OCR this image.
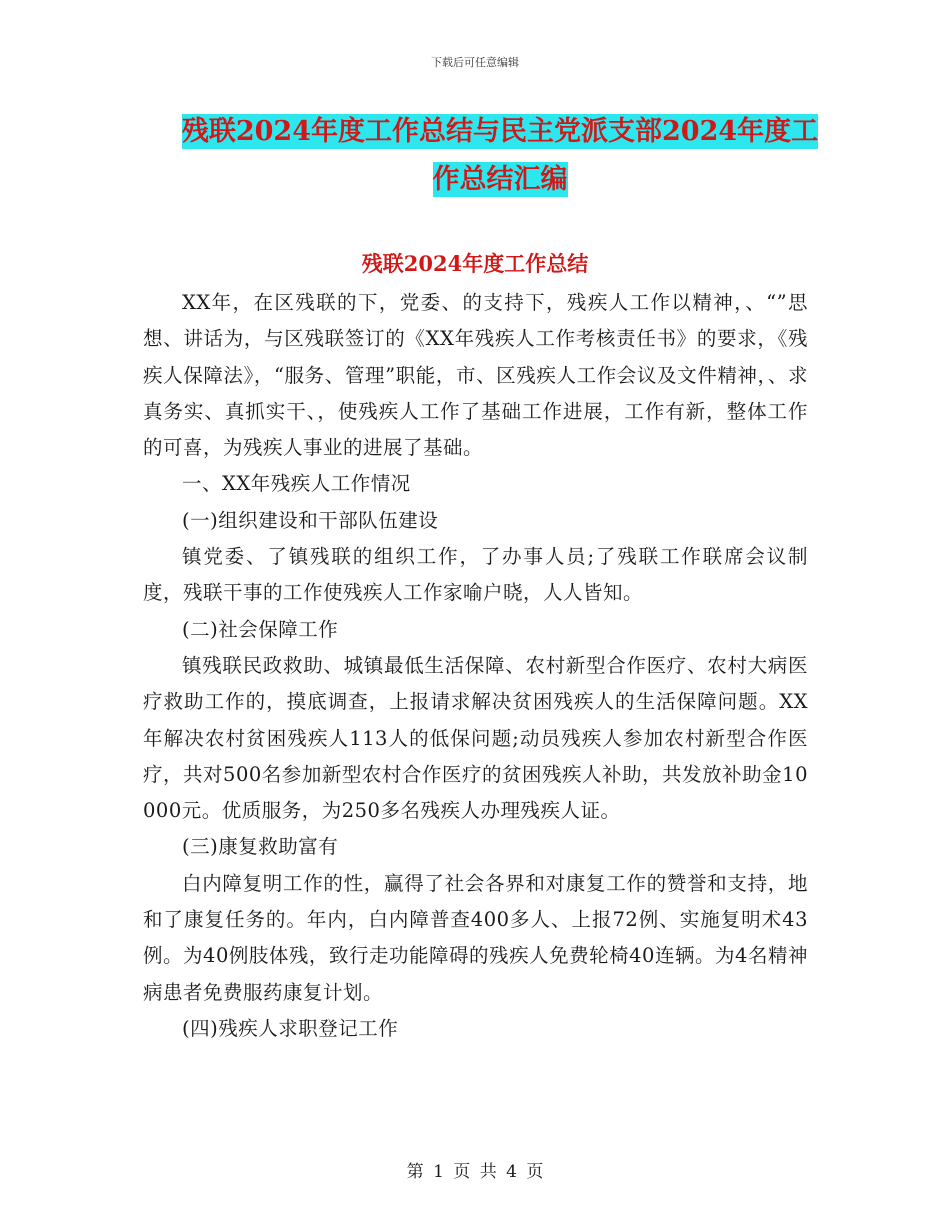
下载后可任意编辑
残联2024年度工作总结与民主党派支部2024年度工
作总结汇编
残联2024年度工作总结

XX年，在区残联的下，党委、的支持下，残疾人工作以精神，、“”思想、讲话为，与区残联签订的《XX年残疾人工作考核责任书》的要求，《残疾人保障法》，“服务、管理”职能，市、区残疾人工作会议及文件精神，、求真务实、真抓实干、，使残疾人工作了基础工作进展，工作有新，整体工作的可喜，为残疾人事业的进展了基础。

一、XX年残疾人工作情况

(一)组织建设和干部队伍建设

镇党委、了镇残联的组织工作，了办事人员;了残联工作联席会议制度，残联干事的工作使残疾人工作家喻户晓，人人皆知。

(二)社会保障工作

镇残联民政救助、城镇最低生活保障、农村新型合作医疗、农村大病医疗救助工作的，摸底调查，上报请求解决贫困残疾人的生活保障问题。XX年解决农村贫困残疾人113人的低保问题;动员残疾人参加农村新型合作医疗，共对500名参加新型农村合作医疗的贫困残疾人补助，共发放补助金10000元。优质服务，为250多名残疾人办理残疾人证。

(三)康复救助富有

白内障复明工作的性，赢得了社会各界和对康复工作的赞誉和支持，地和了康复任务的。年内，白内障普查400多人、上报72例、实施复明术43例。为40例肢体残，致行走功能障碍的残疾人免费轮椅40连辆。为4名精神病患者免费服药康复计划。

(四)残疾人求职登记工作

第 1 页 共 4 页
